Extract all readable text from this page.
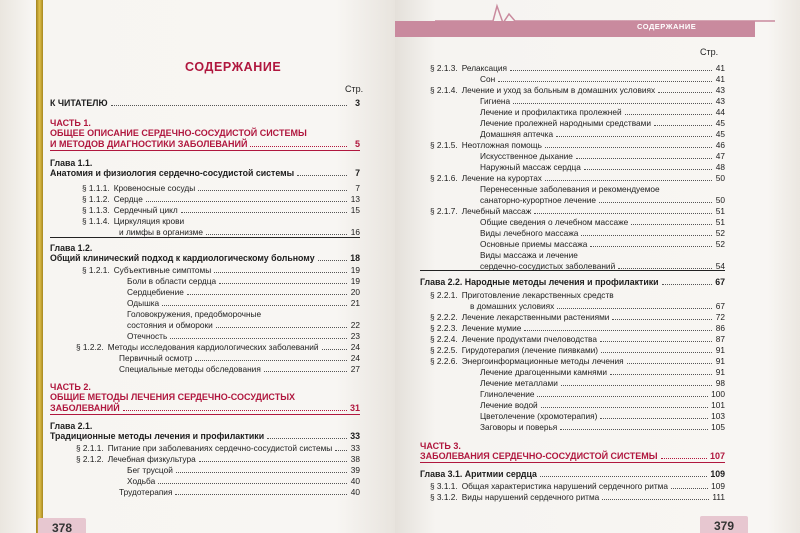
СОДЕРЖАНИЕ
Стр.
К ЧИТАТЕЛЮ	3
ЧАСТЬ 1.
ОБЩЕЕ ОПИСАНИЕ СЕРДЕЧНО-СОСУДИСТОЙ СИСТЕМЫ
И МЕТОДОВ ДИАГНОСТИКИ ЗАБОЛЕВАНИЙ	5
Глава 1.1.
Анатомия и физиология сердечно-сосудистой системы	7
§ 1.1.1. Кровеносные сосуды	7
§ 1.1.2. Сердце	13
§ 1.1.3. Сердечный цикл	15
§ 1.1.4. Циркуляция крови
и лимфы в организме	16
Глава 1.2.
Общий клинический подход к кардиологическому больному	18
§ 1.2.1. Субъективные симптомы	19
Боли в области сердца	19
Сердцебиение	20
Одышка	21
Головокружения, предобморочные
состояния и обмороки	22
Отечность	23
§ 1.2.2. Методы исследования кардиологических заболеваний	24
Первичный осмотр	24
Специальные методы обследования	27
ЧАСТЬ 2.
ОБЩИЕ МЕТОДЫ ЛЕЧЕНИЯ СЕРДЕЧНО-СОСУДИСТЫХ
ЗАБОЛЕВАНИЙ	31
Глава 2.1.
Традиционные методы лечения и профилактики	33
§ 2.1.1. Питание при заболеваниях сердечно-сосудистой системы 33
§ 2.1.2. Лечебная физкультура	38
Бег трусцой	39
Ходьба	40
Трудотерапия	40
378
СОДЕРЖАНИЕ
Стр.
§ 2.1.3. Релаксация	41
Сон	41
§ 2.1.4. Лечение и уход за больным в домашних условиях	43
Гигиена	43
Лечение и профилактика пролежней	44
Лечение пролежней народными средствами	45
Домашняя аптечка	45
§ 2.1.5. Неотложная помощь	46
Искусственное дыхание	47
Наружный массаж сердца	48
§ 2.1.6. Лечение на курортах	50
Перенесенные заболевания и рекомендуемое
санаторно-курортное лечение	50
§ 2.1.7. Лечебный массаж	51
Общие сведения о лечебном массаже	51
Виды лечебного массажа	52
Основные приемы массажа	52
Виды массажа и лечение
сердечно-сосудистых заболеваний	54
Глава 2.2. Народные методы лечения и профилактики	67
§ 2.2.1. Приготовление лекарственных средств
в домашних условиях	67
§ 2.2.2. Лечение лекарственными растениями	72
§ 2.2.3. Лечение мумие	86
§ 2.2.4. Лечение продуктами пчеловодства	87
§ 2.2.5. Гирудотерапия (лечение пиявками)	91
§ 2.2.6. Энергоинформационные методы лечения	91
Лечение драгоценными камнями	91
Лечение металлами	98
Глинолечение	100
Лечение водой	101
Цветолечение (хромотерапия)	103
Заговоры и поверья	105
ЧАСТЬ 3.
ЗАБОЛЕВАНИЯ СЕРДЕЧНО-СОСУДИСТОЙ СИСТЕМЫ	107
Глава 3.1. Аритмии сердца	109
§ 3.1.1. Общая характеристика нарушений сердечного ритма	109
§ 3.1.2. Виды нарушений сердечного ритма	111
379
